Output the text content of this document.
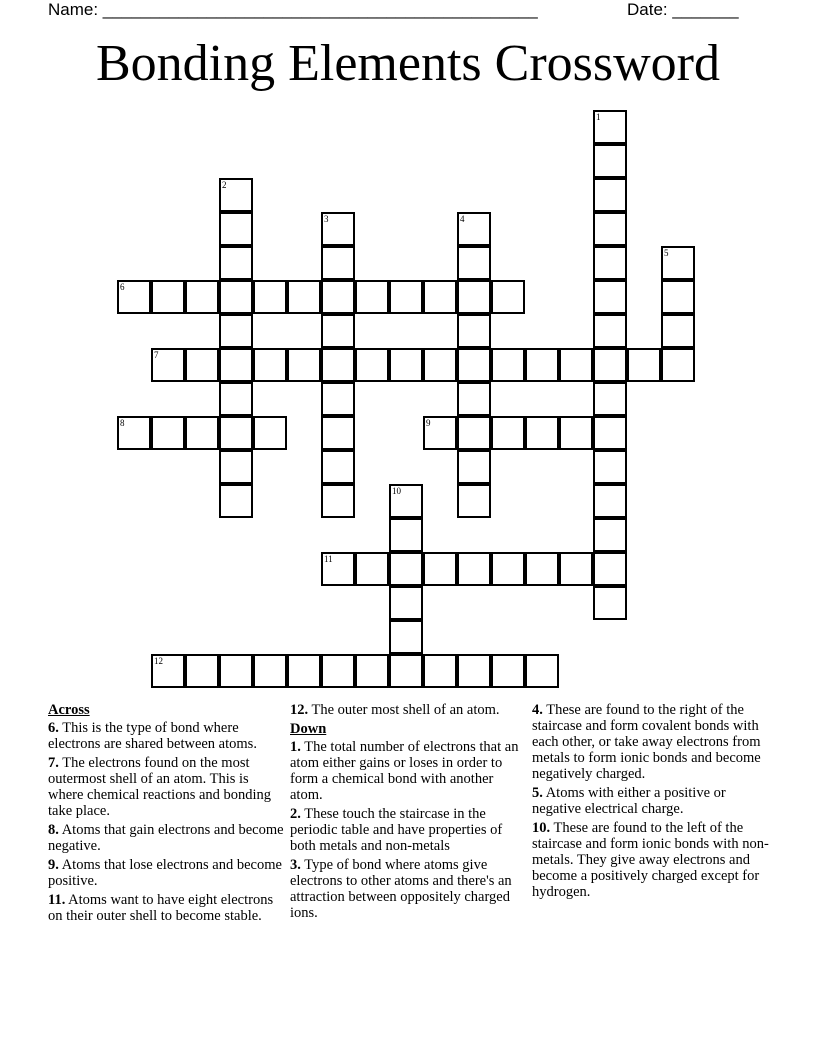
Name: ______________________________________________	Date: _______
Bonding Elements Crossword
1
2
3	4
5
6
7
8	9
10
11
12
Across
6. This is the type of bond where electrons are shared between atoms.
7. The electrons found on the most outermost shell of an atom. This is where chemical reactions and bonding take place.
8. Atoms that gain electrons and become negative.
9. Atoms that lose electrons and become positive.
11. Atoms want to have eight electrons on their outer shell to become stable.
12. The outer most shell of an atom.
Down
1. The total number of electrons that an atom either gains or loses in order to form a chemical bond with another atom.
2. These touch the staircase in the periodic table and have properties of both metals and non-metals
3. Type of bond where atoms give electrons to other atoms and there's an attraction between oppositely charged ions.
4. These are found to the right of the staircase and form covalent bonds with each other, or take away electrons from metals to form ionic bonds and become negatively charged.
5. Atoms with either a positive or negative electrical charge.
10. These are found to the left of the staircase and form ionic bonds with non-metals. They give away electrons and become a positively charged except for hydrogen.
